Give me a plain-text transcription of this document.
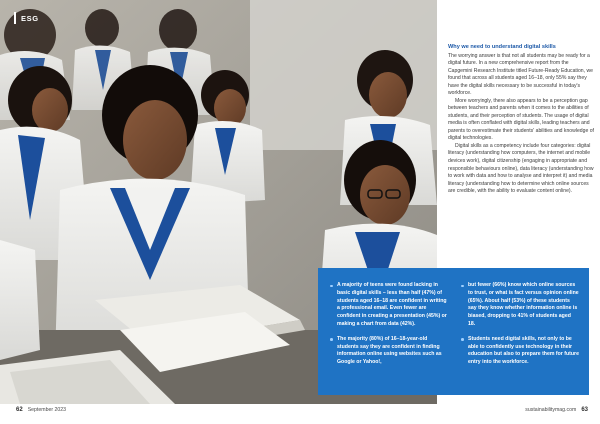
ESG
Why we need to understand digital skills

The worrying answer is that not all students may be ready for a digital future. In a new comprehensive report from the Capgemini Research Institute titled Future-Ready Education, we found that across all students aged 16–18, only 55% say they have the digital skills necessary to be successful in today's workforce.

More worryingly, there also appears to be a perception gap between teachers and parents when it comes to the abilities of students, and their perception of students. The usage of digital media is often conflated with digital skills, leading teachers and parents to overestimate their students' abilities and knowledge of digital technologies.

Digital skills as a competency include four categories: digital literacy (understanding how computers, the internet and mobile devices work), digital citizenship (engaging in appropriate and responsible behaviours online), data literacy (understanding how to work with data and how to analyse and interpret it) and media literacy (understanding how to determine which online sources are credible, with the ability to evaluate content online).

A majority of teens were found lacking in basic digital skills – less than half (47%) of students aged 16–18 are confident in writing a professional email. Even fewer are confident in creating a presentation (45%) or making a chart from data (42%).
The majority (80%) of 16–18-year-old students say they are confident in finding information online using websites such as Google or Yahoo!,
but fewer (66%) know which online sources to trust, or what is fact versus opinion online (65%). About half (53%) of these students say they know whether information online is biased, dropping to 41% of students aged 18.
Students need digital skills, not only to be able to confidently use technology in their education but also to prepare them for future entry into the workforce.
62 September 2023	sustainabilitymag.com 63
